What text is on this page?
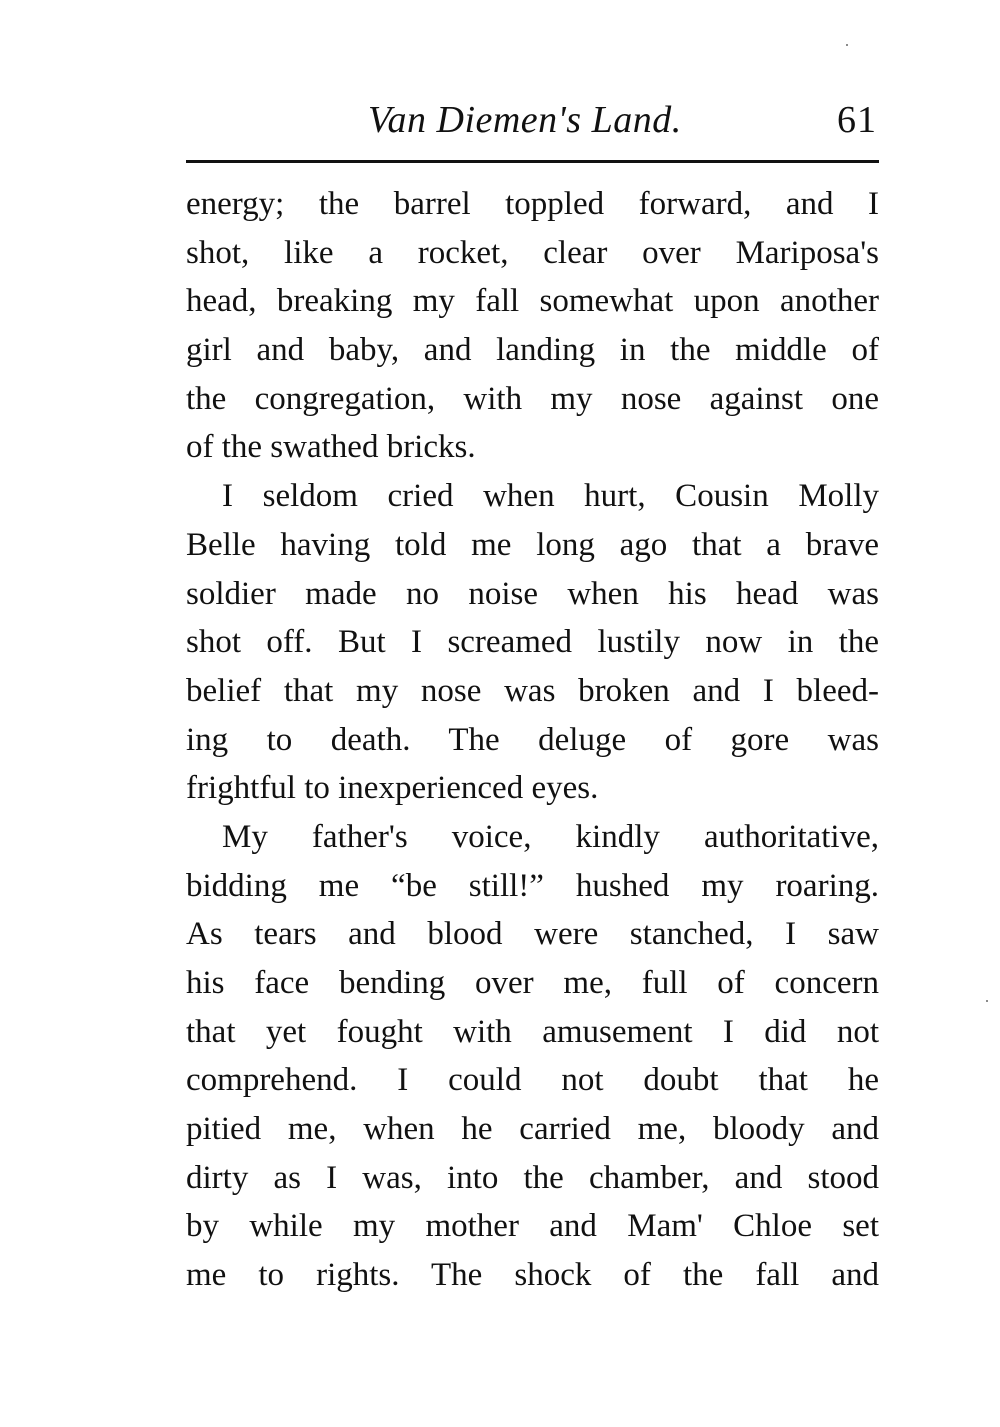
Van Diemen's Land.	61
energy; the barrel toppled forward, and I
shot, like a rocket, clear over Mariposa's
head, breaking my fall somewhat upon another
girl and baby, and landing in the middle of
the congregation, with my nose against one
of the swathed bricks.
I seldom cried when hurt, Cousin Molly
Belle having told me long ago that a brave
soldier made no noise when his head was
shot off. But I screamed lustily now in the
belief that my nose was broken and I bleed-
ing to death. The deluge of gore was
frightful to inexperienced eyes.
My father's voice, kindly authoritative,
bidding me “be still!” hushed my roaring.
As tears and blood were stanched, I saw
his face bending over me, full of concern
that yet fought with amusement I did not
comprehend. I could not doubt that he
pitied me, when he carried me, bloody and
dirty as I was, into the chamber, and stood
by while my mother and Mam' Chloe set
me to rights. The shock of the fall and
